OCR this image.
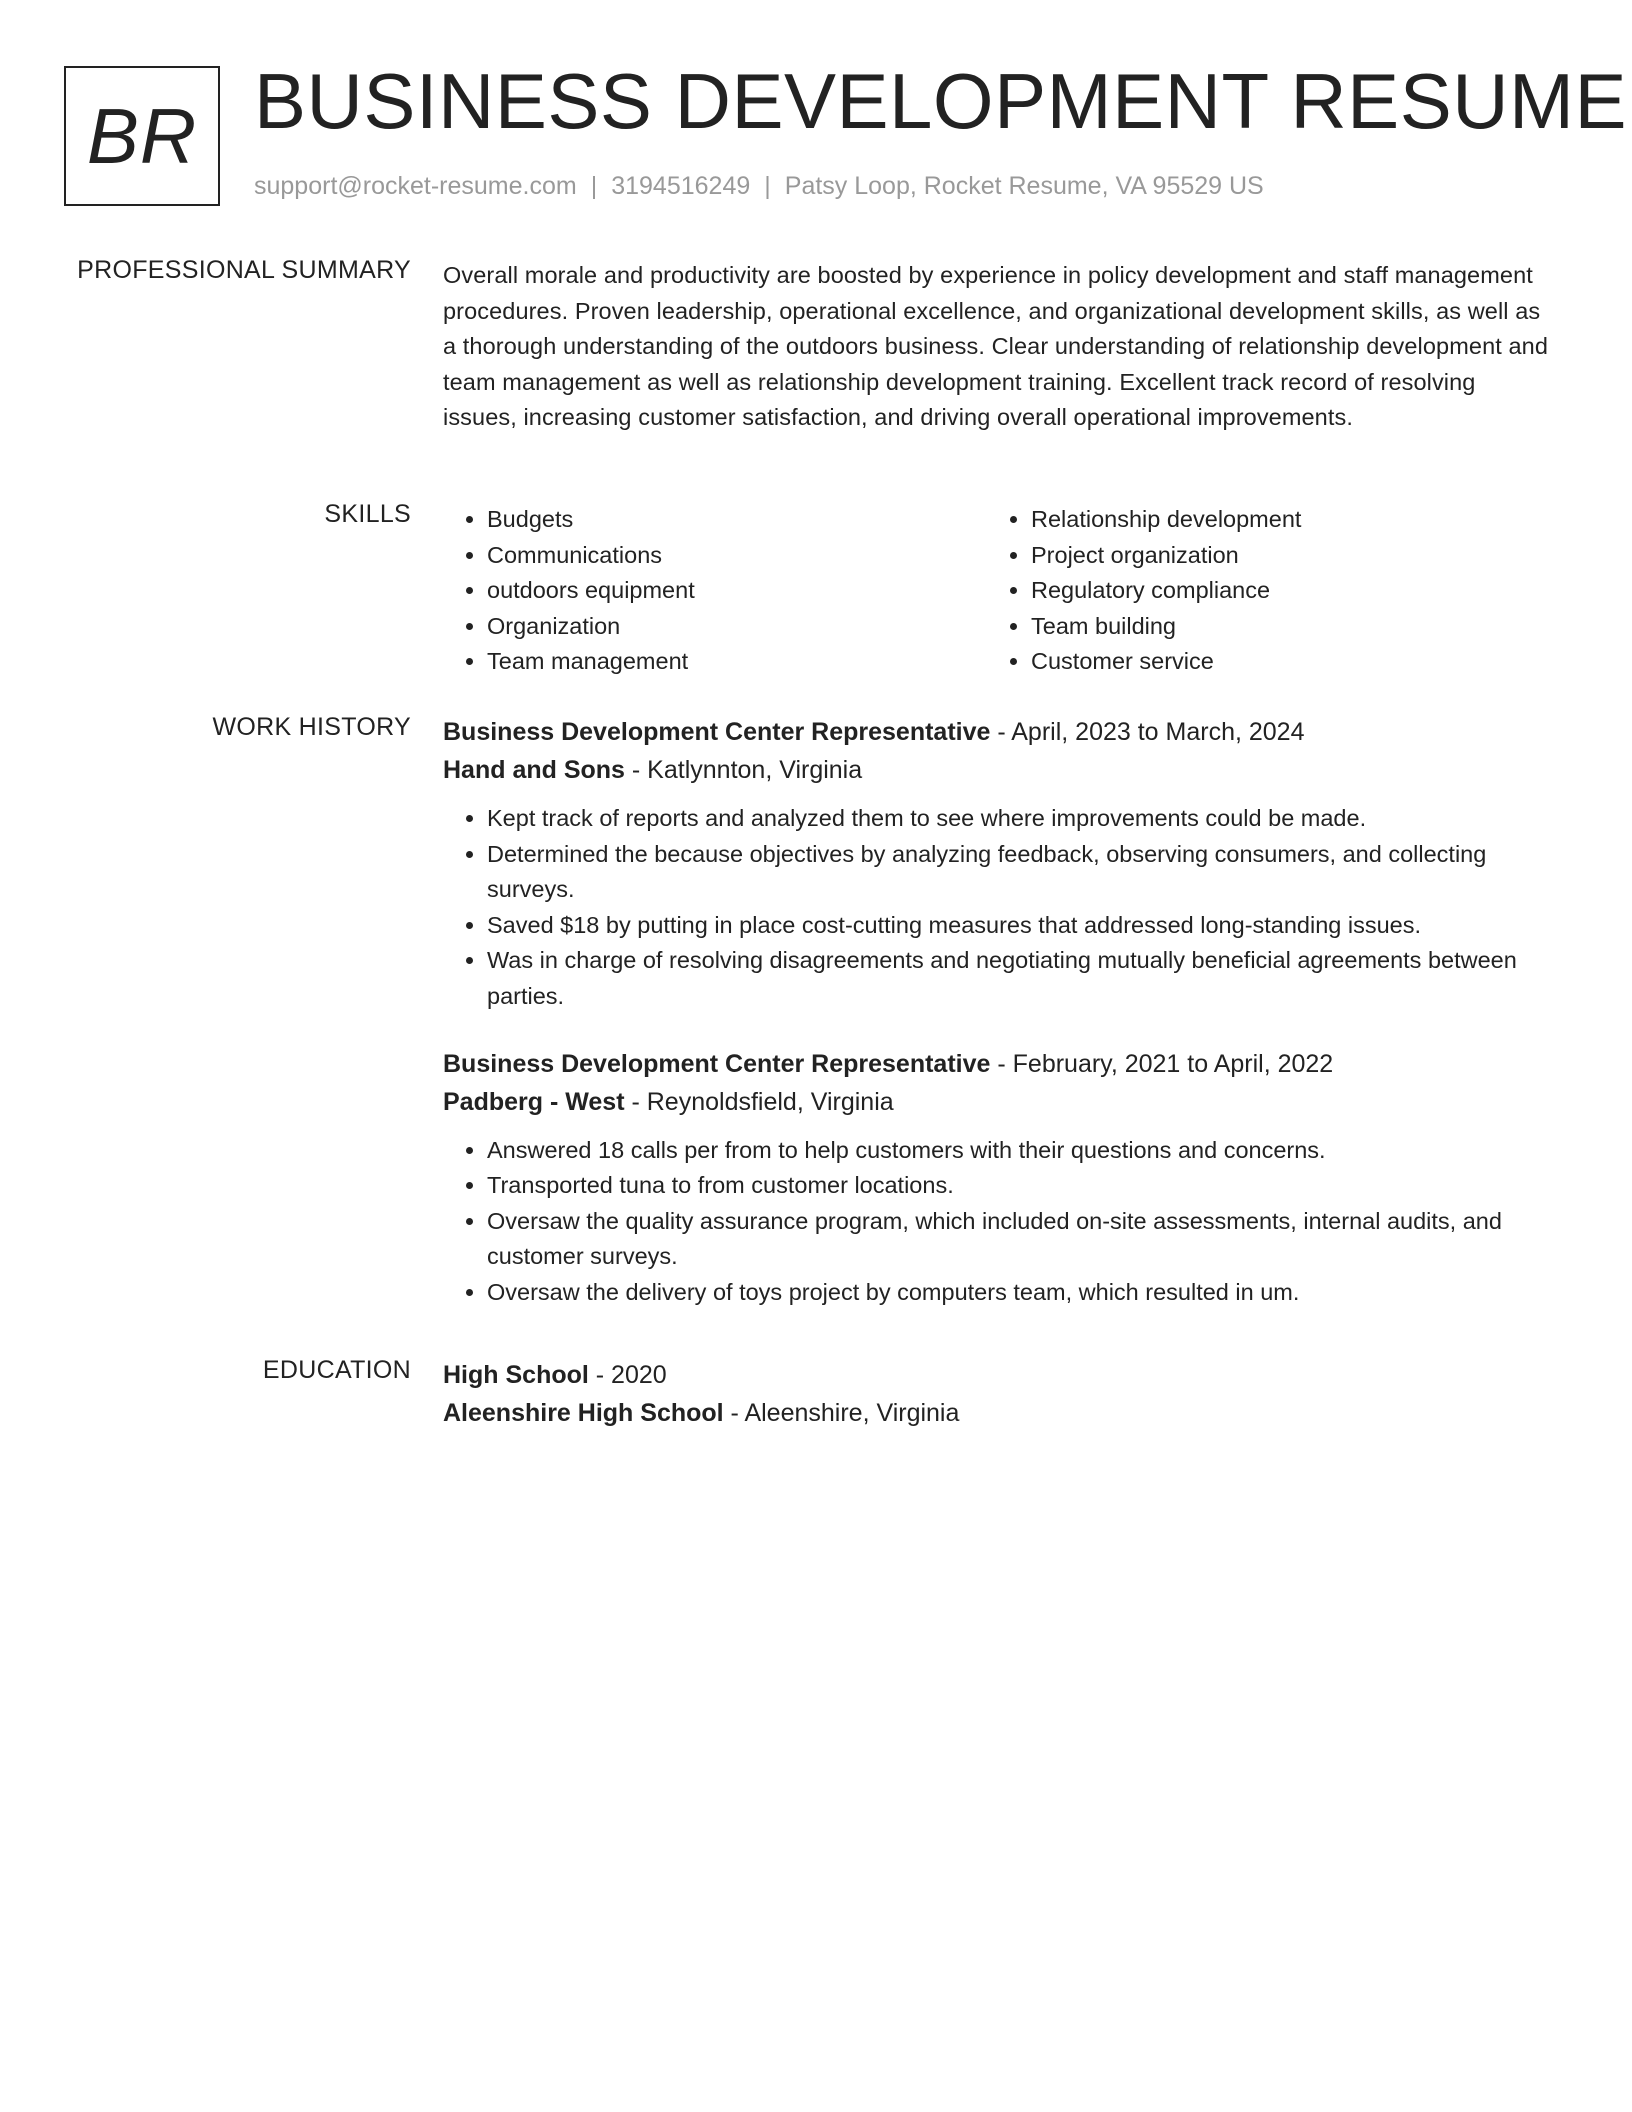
BR BUSINESS DEVELOPMENT RESUME
support@rocket-resume.com | 3194516249 | Patsy Loop, Rocket Resume, VA 95529 US
PROFESSIONAL SUMMARY Overall morale and productivity are boosted by experience in policy development and staff management procedures. Proven leadership, operational excellence, and organizational development skills, as well as a thorough understanding of the outdoors business. Clear understanding of relationship development and team management as well as relationship development training. Excellent track record of resolving issues, increasing customer satisfaction, and driving overall operational improvements.

SKILLS
•	Budgets
• Communications
• outdoors equipment
• Organization
• Team management
• Relationship development
• Project organization
• Regulatory compliance
• Team building
• Customer service
WORK HISTORY Business Development Center Representative - April, 2023 to March, 2024
Hand and Sons - Katlynnton, Virginia
• Kept track of reports and analyzed them to see where improvements could be made.
• Determined the because objectives by analyzing feedback, observing consumers, and collecting surveys.
• Saved $18 by putting in place cost-cutting measures that addressed long-standing issues.
• Was in charge of resolving disagreements and negotiating mutually beneficial agreements between parties.
Business Development Center Representative - February, 2021 to April, 2022
Padberg - West - Reynoldsfield, Virginia
• Answered 18 calls per from to help customers with their questions and concerns.
• Transported tuna to from customer locations.
• Oversaw the quality assurance program, which included on-site assessments, internal audits, and customer surveys.
• Oversaw the delivery of toys project by computers team, which resulted in um.
EDUCATION High School - 2020
Aleenshire High School - Aleenshire, Virginia
